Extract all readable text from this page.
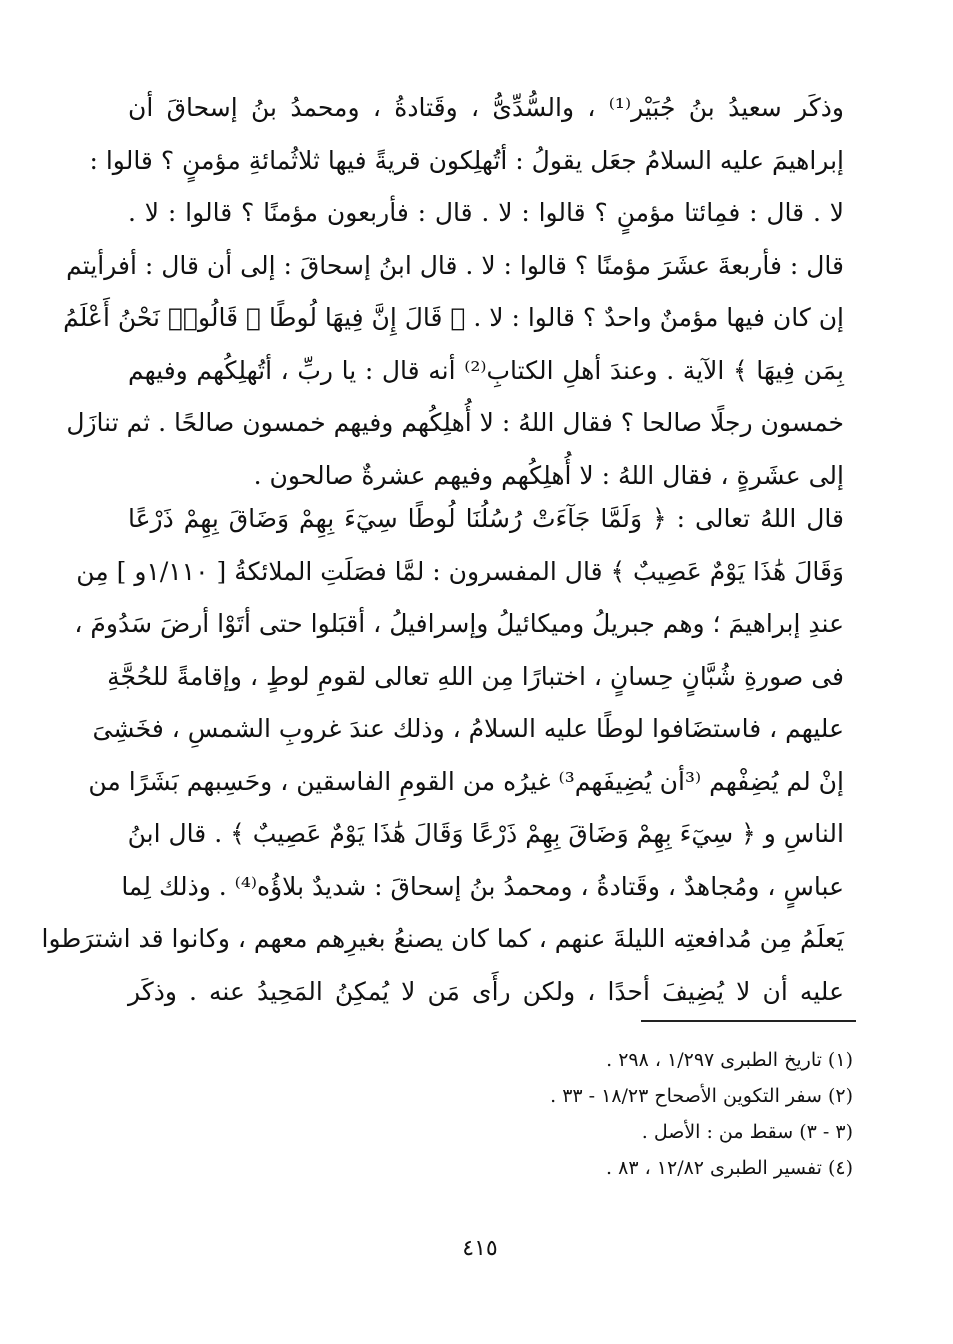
وذكَر سعيدُ بنُ جُبَيْر⁽¹⁾ ، والسُّدِّىُّ ، وقَتادةُ ، ومحمدُ بنُ إسحاقَ أن
إبراهيمَ عليه السلامُ جعَل يقولُ : أتُهلِكون قريةً فيها ثلاثُمائةِ مؤمنٍ ؟ قالوا :
لا . قال : فمِائتا مؤمنٍ ؟ قالوا : لا . قال : فأربعون مؤمنًا ؟ قالوا : لا .
قال : فأربعةَ عشَرَ مؤمنًا ؟ قالوا : لا . قال ابنُ إسحاقَ : إلى أن قال : أفرأيتم
إن كان فيها مؤمنٌ واحدٌ ؟ قالوا : لا . ﴿ قَالَ إِنَّ فِيهَا لُوطًا ۚ قَالُوا۟ نَحْنُ أَعْلَمُ
بِمَن فِيهَا ﴾ الآية . وعندَ أهلِ الكتابِ⁽²⁾ أنه قال : يا ربِّ ، أتُهلِكُهم وفيهم
خمسون رجلًا صالحا ؟ فقال اللهُ : لا أُهلِكُهم وفيهم خمسون صالحًا . ثم تنازَل
إلى عشَرةٍ ، فقال اللهُ : لا أُهلِكُهم وفيهم عشرةٌ صالحون .
قال اللهُ تعالى : ﴿ وَلَمَّا جَآءَتْ رُسُلُنَا لُوطًا سِيٓءَ بِهِمْ وَضَاقَ بِهِمْ ذَرْعًا
وَقَالَ هَٰذَا يَوْمٌ عَصِيبٌ ﴾ قال المفسرون : لمَّا فصَلَتِ الملائكةُ [ ١/١١٠و ] مِن
عندِ إبراهيمَ ؛ وهم جبريلُ وميكائيلُ وإسرافيلُ ، أقبَلوا حتى أتَوْا أرضَ سَدُومَ ،
فى صورةِ شُبَّانٍ حِسانٍ ، اختبارًا مِن اللهِ تعالى لقومِ لوطٍ ، وإقامةً للحُجَّةِ
عليهم ، فاستضَافوا لوطًا عليه السلامُ ، وذلك عندَ غروبِ الشمسِ ، فخَشِىَ
إنْ لم يُضِفْهم ⁽³أن يُضِيفَهم³⁾ غيرُه من القومِ الفاسقين ، وحَسِبهم بَشَرًا من
الناسِ و ﴿ سِيٓءَ بِهِمْ وَضَاقَ بِهِمْ ذَرْعًا وَقَالَ هَٰذَا يَوْمٌ عَصِيبٌ ﴾ . قال ابنُ
عباسٍ ، ومُجاهدٌ ، وقَتادةُ ، ومحمدُ بنُ إسحاقَ : شديدٌ بلاؤُه⁽⁴⁾ . وذلك لِما
يَعلَمُ مِن مُدافعتِه الليلةَ عنهم ، كما كان يصنعُ بغيرِهم معهم ، وكانوا قد اشترَطوا
عليه أن لا يُضِيفَ أحدًا ، ولكن رأَى مَن لا يُمكِنُ المَحِيدُ عنه . وذكَر
(١) تاريخ الطبرى ١/٢٩٧ ، ٢٩٨ .
(٢) سفر التكوين الأصحاح ١٨/٢٣ - ٣٣ .
(٣ - ٣) سقط من : الأصل .
(٤) تفسير الطبرى ١٢/٨٢ ، ٨٣ .
٤١٥
